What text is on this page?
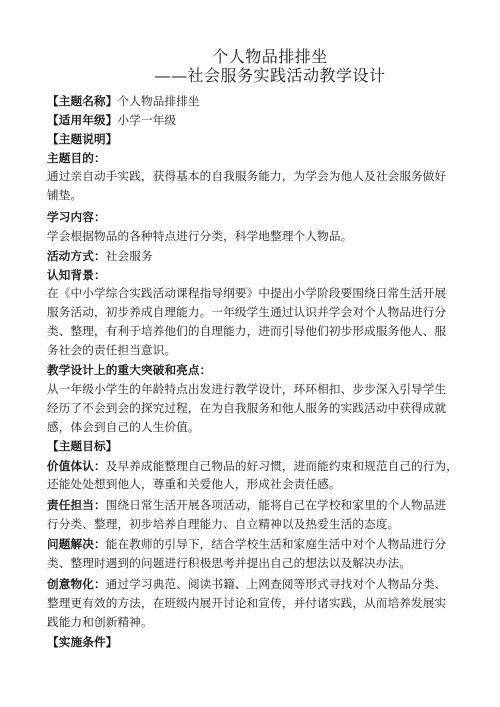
个人物品排排坐
——社会服务实践活动教学设计
【主题名称】个人物品排排坐
【适用年级】小学一年级
【主题说明】
主题目的：
通过亲自动手实践，获得基本的自我服务能力，为学会为他人及社会服务做好
铺垫。
学习内容：
学会根据物品的各种特点进行分类，科学地整理个人物品。
活动方式：社会服务
认知背景：
在《中小学综合实践活动课程指导纲要》中提出小学阶段要围绕日常生活开展
服务活动，初步养成自理能力。一年级学生通过认识并学会对个人物品进行分
类、整理，有利于培养他们的自理能力，进而引导他们初步形成服务他人、服
务社会的责任担当意识。
教学设计上的重大突破和亮点：
从一年级小学生的年龄特点出发进行教学设计，环环相扣、步步深入引导学生
经历了不会到会的探究过程，在为自我服务和他人服务的实践活动中获得成就
感，体会到自己的人生价值。
【主题目标】
价值体认：及早养成能整理自己物品的好习惯，进而能约束和规范自己的行为，
还能处处想到他人，尊重和关爱他人，形成社会责任感。
责任担当：围绕日常生活开展各项活动，能将自己在学校和家里的个人物品进
行分类、整理，初步培养自理能力、自立精神以及热爱生活的态度。
问题解决：能在教师的引导下，结合学校生活和家庭生活中对个人物品进行分
类、整理时遇到的问题进行积极思考并提出自己的想法以及解决办法。
创意物化：通过学习典范、阅读书籍、上网查阅等形式寻找对个人物品分类、
整理更有效的方法，在班级内展开讨论和宣传，并付诸实践，从而培养发展实
践能力和创新精神。
【实施条件】
